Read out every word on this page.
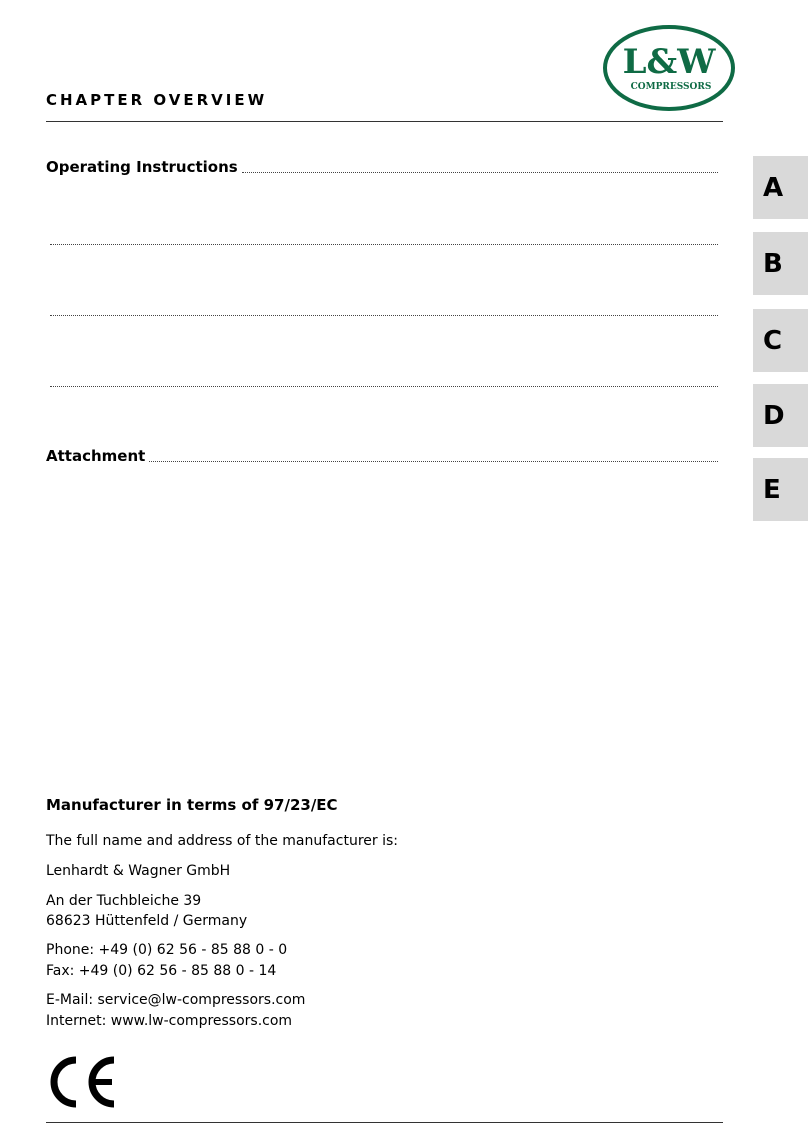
L&W
COMPRESSORS
CHAPTER OVERVIEW
Operating Instructions
Attachment
A
B
C
D
E
Manufacturer in terms of 97/23/EC
The full name and address of the manufacturer is:
Lenhardt & Wagner GmbH
An der Tuchbleiche 39
68623 Hüttenfeld / Germany
Phone: +49 (0) 62 56 - 85 88 0 - 0
Fax: +49 (0) 62 56 - 85 88 0 - 14
E-Mail: service@lw-compressors.com
Internet: www.lw-compressors.com
